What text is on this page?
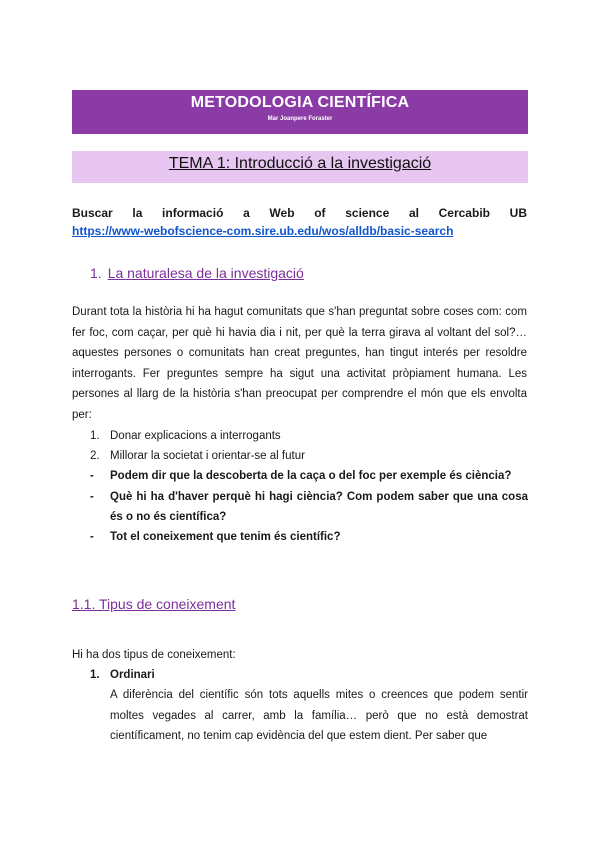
METODOLOGIA CIENTÍFICA
Mar Joanpere Foraster
TEMA 1: Introducció a la investigació
Buscar la informació a Web of science al Cercabib UB
https://www-webofscience-com.sire.ub.edu/wos/alldb/basic-search
1. La naturalesa de la investigació
Durant tota la història hi ha hagut comunitats que s'han preguntat sobre coses com: com fer foc, com caçar, per què hi havia dia i nit, per què la terra girava al voltant del sol?… aquestes persones o comunitats han creat preguntes, han tingut interés per resoldre interrogants. Fer preguntes sempre ha sigut una activitat pròpiament humana. Les persones al llarg de la història s'han preocupat per comprendre el món que els envolta per:
1. Donar explicacions a interrogants
2. Millorar la societat i orientar-se al futur
-	Podem dir que la descoberta de la caça o del foc per exemple és ciència?
-	Què hi ha d'haver perquè hi hagi ciència? Com podem saber que una cosa és o no és científica?
-	Tot el coneixement que tenim és científic?
1.1. Tipus de coneixement
Hi ha dos tipus de coneixement:
1. Ordinari
A diferència del científic són tots aquells mites o creences que podem sentir moltes vegades al carrer, amb la família… però que no està demostrat científicament, no tenim cap evidència del que estem dient. Per saber que
